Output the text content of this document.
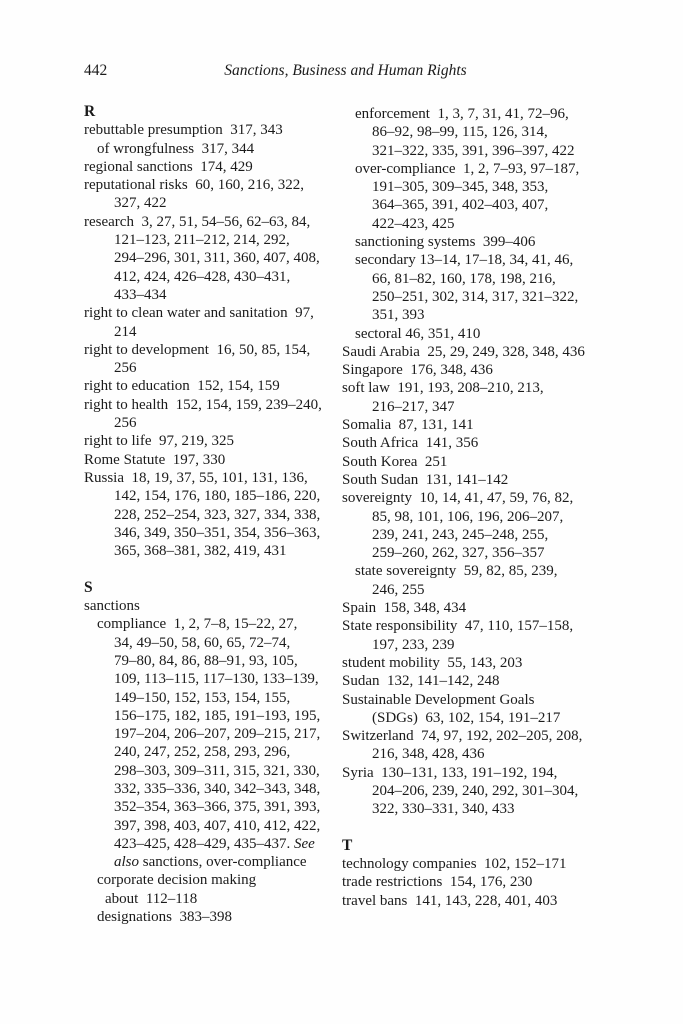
442	Sanctions, Business and Human Rights
R
rebuttable presumption  317, 343
of wrongfulness  317, 344
regional sanctions  174, 429
reputational risks  60, 160, 216, 322,
327, 422
research  3, 27, 51, 54–56, 62–63, 84,
121–123, 211–212, 214, 292,
294–296, 301, 311, 360, 407, 408,
412, 424, 426–428, 430–431,
433–434
right to clean water and sanitation  97,
214
right to development  16, 50, 85, 154,
256
right to education  152, 154, 159
right to health  152, 154, 159, 239–240,
256
right to life  97, 219, 325
Rome Statute  197, 330
Russia  18, 19, 37, 55, 101, 131, 136,
142, 154, 176, 180, 185–186, 220,
228, 252–254, 323, 327, 334, 338,
346, 349, 350–351, 354, 356–363,
365, 368–381, 382, 419, 431
S
sanctions
compliance  1, 2, 7–8, 15–22, 27,
34, 49–50, 58, 60, 65, 72–74,
79–80, 84, 86, 88–91, 93, 105,
109, 113–115, 117–130, 133–139,
149–150, 152, 153, 154, 155,
156–175, 182, 185, 191–193, 195,
197–204, 206–207, 209–215, 217,
240, 247, 252, 258, 293, 296,
298–303, 309–311, 315, 321, 330,
332, 335–336, 340, 342–343, 348,
352–354, 363–366, 375, 391, 393,
397, 398, 403, 407, 410, 412, 422,
423–425, 428–429, 435–437. See
also sanctions, over-compliance
corporate decision making
about  112–118
designations  383–398
enforcement  1, 3, 7, 31, 41, 72–96,
86–92, 98–99, 115, 126, 314,
321–322, 335, 391, 396–397, 422
over-compliance  1, 2, 7–93, 97–187,
191–305, 309–345, 348, 353,
364–365, 391, 402–403, 407,
422–423, 425
sanctioning systems  399–406
secondary 13–14, 17–18, 34, 41, 46,
66, 81–82, 160, 178, 198, 216,
250–251, 302, 314, 317, 321–322,
351, 393
sectoral 46, 351, 410
Saudi Arabia  25, 29, 249, 328, 348, 436
Singapore  176, 348, 436
soft law  191, 193, 208–210, 213,
216–217, 347
Somalia  87, 131, 141
South Africa  141, 356
South Korea  251
South Sudan  131, 141–142
sovereignty  10, 14, 41, 47, 59, 76, 82,
85, 98, 101, 106, 196, 206–207,
239, 241, 243, 245–248, 255,
259–260, 262, 327, 356–357
state sovereignty  59, 82, 85, 239,
246, 255
Spain  158, 348, 434
State responsibility  47, 110, 157–158,
197, 233, 239
student mobility  55, 143, 203
Sudan  132, 141–142, 248
Sustainable Development Goals
(SDGs)  63, 102, 154, 191–217
Switzerland  74, 97, 192, 202–205, 208,
216, 348, 428, 436
Syria  130–131, 133, 191–192, 194,
204–206, 239, 240, 292, 301–304,
322, 330–331, 340, 433
T
technology companies  102, 152–171
trade restrictions  154, 176, 230
travel bans  141, 143, 228, 401, 403
